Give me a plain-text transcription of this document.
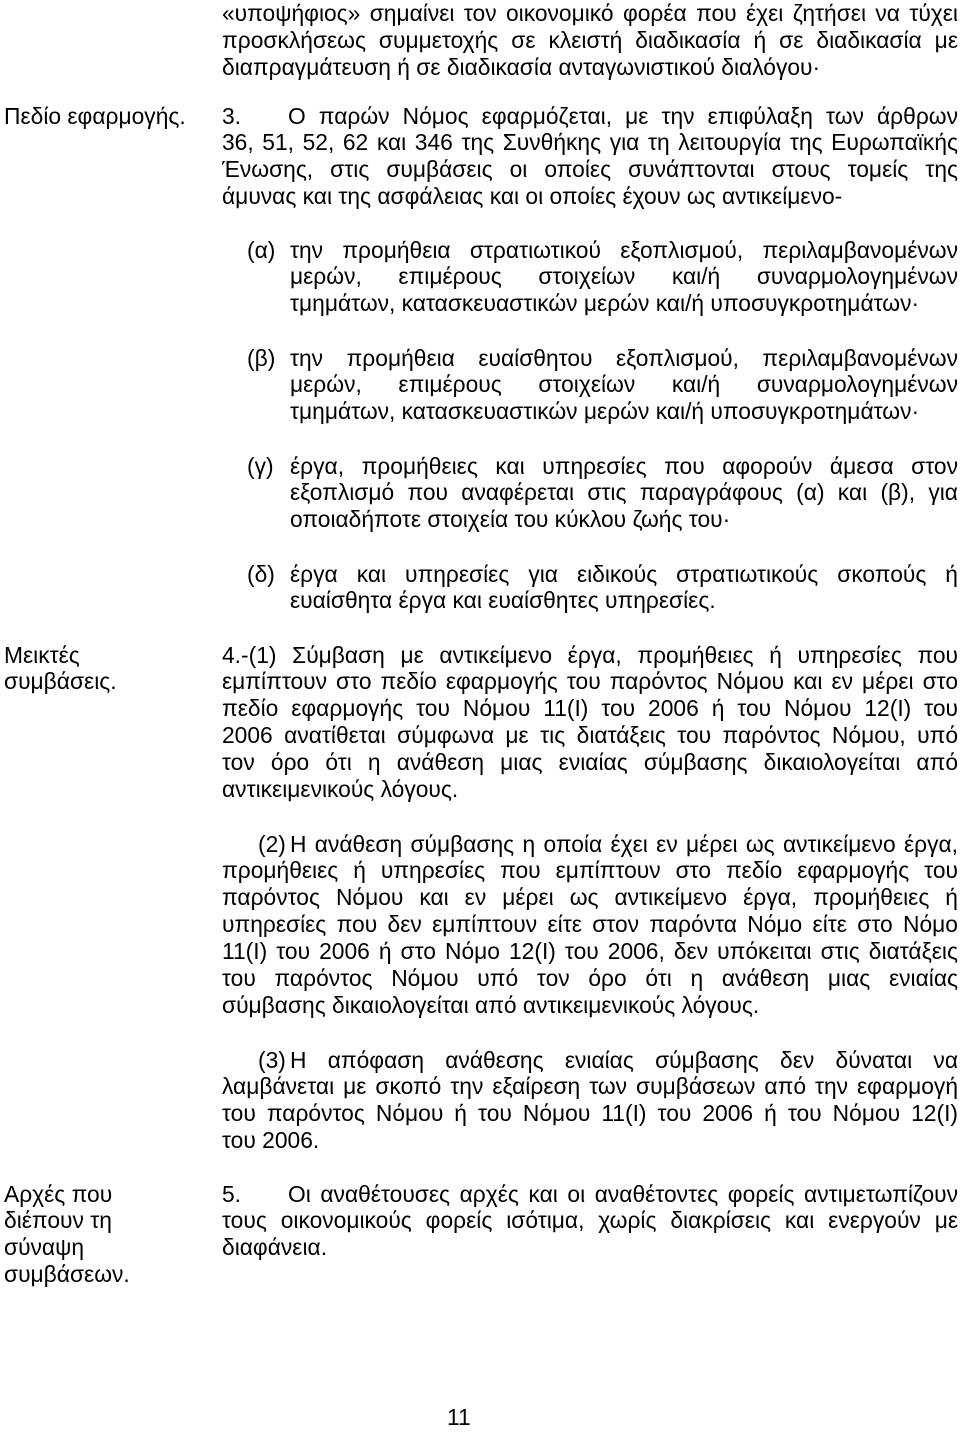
«υποψήφιος» σημαίνει τον οικονομικό φορέα που έχει ζητήσει να τύχει
προσκλήσεως συμμετοχής σε κλειστή διαδικασία ή σε διαδικασία με
διαπραγμάτευση ή σε διαδικασία ανταγωνιστικού διαλόγου·
Πεδίο εφαρμογής.	3. Ο παρών Νόμος εφαρμόζεται, με την επιφύλαξη των άρθρων
36, 51, 52, 62 και 346 της Συνθήκης για τη λειτουργία της Ευρωπαϊκής
Ένωσης, στις συμβάσεις οι οποίες συνάπτονται στους τομείς της
άμυνας και της ασφάλειας και οι οποίες έχουν ως αντικείμενο-
(α) την προμήθεια στρατιωτικού εξοπλισμού, περιλαμβανομένων
μερών, επιμέρους στοιχείων και/ή συναρμολογημένων
τμημάτων, κατασκευαστικών μερών και/ή υποσυγκροτημάτων·
(β) την προμήθεια ευαίσθητου εξοπλισμού, περιλαμβανομένων
μερών, επιμέρους στοιχείων και/ή συναρμολογημένων
τμημάτων, κατασκευαστικών μερών και/ή υποσυγκροτημάτων·
(γ) έργα, προμήθειες και υπηρεσίες που αφορούν άμεσα στον
εξοπλισμό που αναφέρεται στις παραγράφους (α) και (β), για
οποιαδήποτε στοιχεία του κύκλου ζωής του·
(δ) έργα και υπηρεσίες για ειδικούς στρατιωτικούς σκοπούς ή
ευαίσθητα έργα και ευαίσθητες υπηρεσίες.
Μεικτές
συμβάσεις.
4.-(1) Σύμβαση με αντικείμενο έργα, προμήθειες ή υπηρεσίες που
εμπίπτουν στο πεδίο εφαρμογής του παρόντος Νόμου και εν μέρει στο
πεδίο εφαρμογής του Νόμου 11(Ι) του 2006 ή του Νόμου 12(Ι) του
2006 ανατίθεται σύμφωνα με τις διατάξεις του παρόντος Νόμου, υπό
τον όρο ότι η ανάθεση μιας ενιαίας σύμβασης δικαιολογείται από
αντικειμενικούς λόγους.
(2) Η ανάθεση σύμβασης η οποία έχει εν μέρει ως αντικείμενο έργα,
προμήθειες ή υπηρεσίες που εμπίπτουν στο πεδίο εφαρμογής του
παρόντος Νόμου και εν μέρει ως αντικείμενο έργα, προμήθειες ή
υπηρεσίες που δεν εμπίπτουν είτε στον παρόντα Νόμο είτε στο Νόμο
11(Ι) του 2006 ή στο Νόμο 12(Ι) του 2006, δεν υπόκειται στις διατάξεις
του παρόντος Νόμου υπό τον όρο ότι η ανάθεση μιας ενιαίας
σύμβασης δικαιολογείται από αντικειμενικούς λόγους.
(3) Η απόφαση ανάθεσης ενιαίας σύμβασης δεν δύναται να
λαμβάνεται με σκοπό την εξαίρεση των συμβάσεων από την εφαρμογή
του παρόντος Νόμου ή του Νόμου 11(Ι) του 2006 ή του Νόμου 12(Ι)
του 2006.
Αρχές που
διέπουν τη
σύναψη
συμβάσεων.
5. Οι αναθέτουσες αρχές και οι αναθέτοντες φορείς αντιμετωπίζουν
τους οικονομικούς φορείς ισότιμα, χωρίς διακρίσεις και ενεργούν με
διαφάνεια.
11
